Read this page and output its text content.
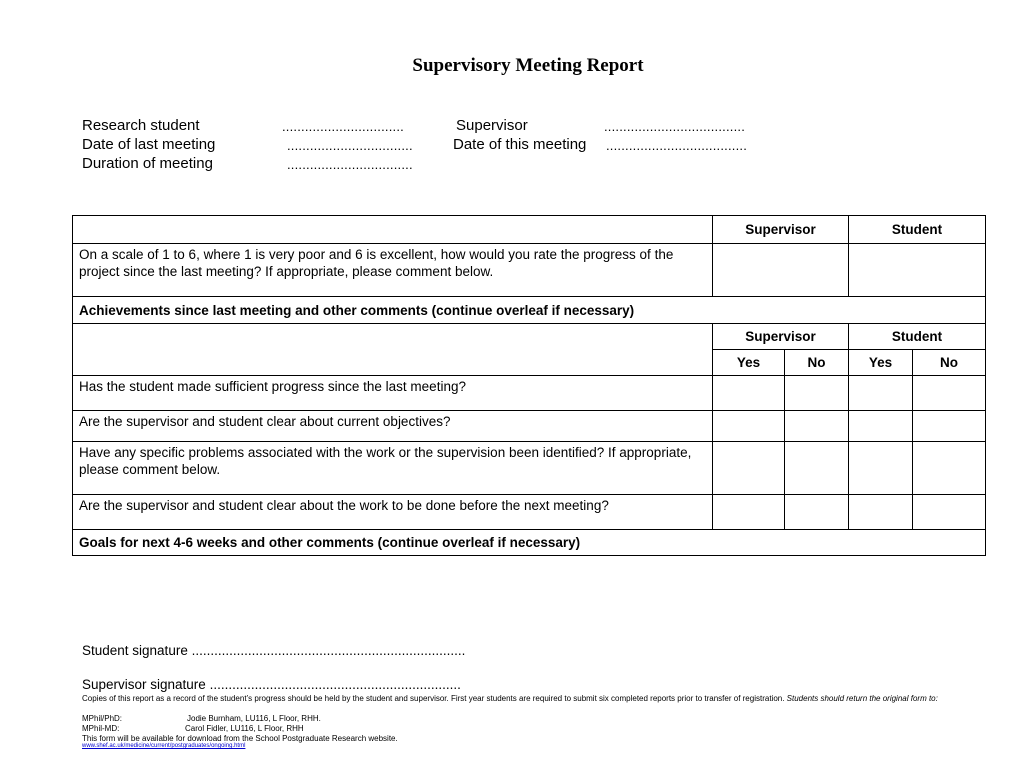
Supervisory Meeting Report
Research student	................................	Supervisor	.....................................
Date of last meeting	.................................	Date of this meeting .....................................
Duration of meeting	.................................
	Supervisor		Student	
On a scale of 1 to 6, where 1 is very poor and 6 is excellent, how would you rate the progress of the project since the last meeting? If appropriate, please comment below.				
Achievements since last meeting and other comments (continue overleaf if necessary)				
	Supervisor		Student	
	Yes	No	Yes	No
Has the student made sufficient progress since the last meeting?				
Are the supervisor and student clear about current objectives?				
Have any specific problems associated with the work or the supervision been identified? If appropriate, please comment below.				
Are the supervisor and student clear about the work to be done before the next meeting?				
Goals for next 4-6 weeks and other comments (continue overleaf if necessary)				
Student signature .........................................................................
Supervisor signature ...................................................................
Copies of this report as a record of the student’s progress should be held by the student and supervisor. First year students are required to submit six completed reports prior to transfer of registration. Students should return the original form to:
MPhil/PhD:	Jodie Burnham, LU116, L Floor, RHH.
MPhil-MD:	Carol Fidler, LU116, L Floor, RHH
This form will be available for download from the School Postgraduate Research website.
www.shef.ac.uk/medicine/current/postgraduates/ongoing.html
